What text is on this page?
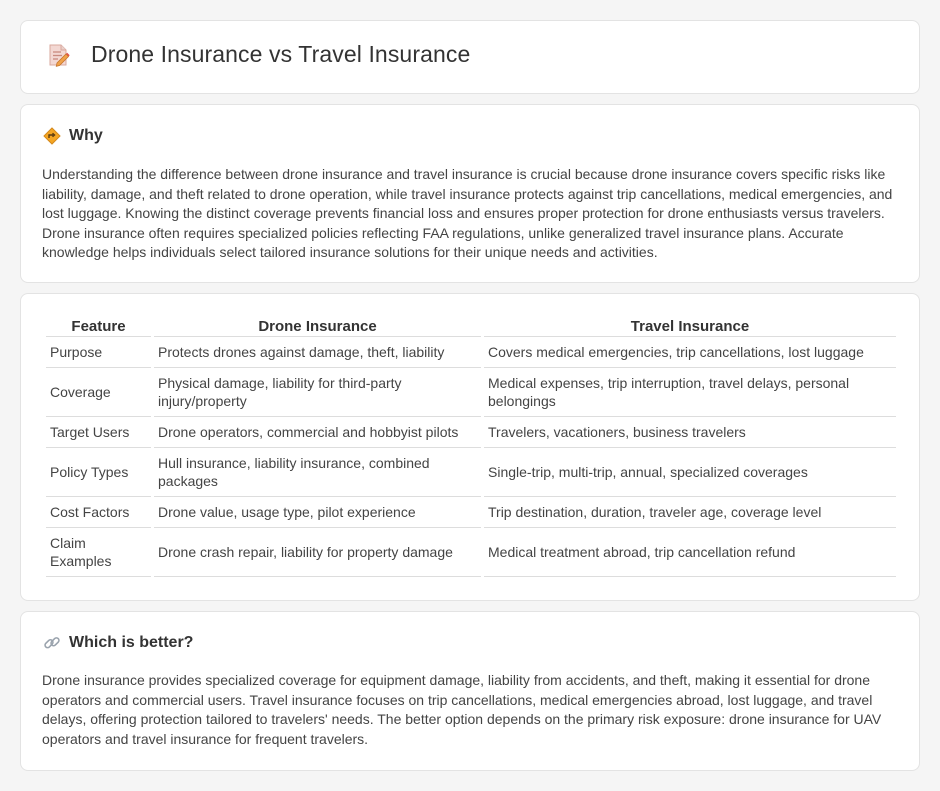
Drone Insurance vs Travel Insurance
Why

Understanding the difference between drone insurance and travel insurance is crucial because drone insurance covers specific risks like liability, damage, and theft related to drone operation, while travel insurance protects against trip cancellations, medical emergencies, and lost luggage. Knowing the distinct coverage prevents financial loss and ensures proper protection for drone enthusiasts versus travelers. Drone insurance often requires specialized policies reflecting FAA regulations, unlike generalized travel insurance plans. Accurate knowledge helps individuals select tailored insurance solutions for their unique needs and activities.

Feature	Drone Insurance	Travel Insurance
Purpose	Protects drones against damage, theft, liability	Covers medical emergencies, trip cancellations, lost luggage
Coverage	Physical damage, liability for third-party injury/property	Medical expenses, trip interruption, travel delays, personal belongings
Target Users	Drone operators, commercial and hobbyist pilots	Travelers, vacationers, business travelers
Policy Types	Hull insurance, liability insurance, combined packages	Single-trip, multi-trip, annual, specialized coverages
Cost Factors	Drone value, usage type, pilot experience	Trip destination, duration, traveler age, coverage level
Claim Examples	Drone crash repair, liability for property damage	Medical treatment abroad, trip cancellation refund
Which is better?

Drone insurance provides specialized coverage for equipment damage, liability from accidents, and theft, making it essential for drone operators and commercial users. Travel insurance focuses on trip cancellations, medical emergencies abroad, lost luggage, and travel delays, offering protection tailored to travelers' needs. The better option depends on the primary risk exposure: drone insurance for UAV operators and travel insurance for frequent travelers.
